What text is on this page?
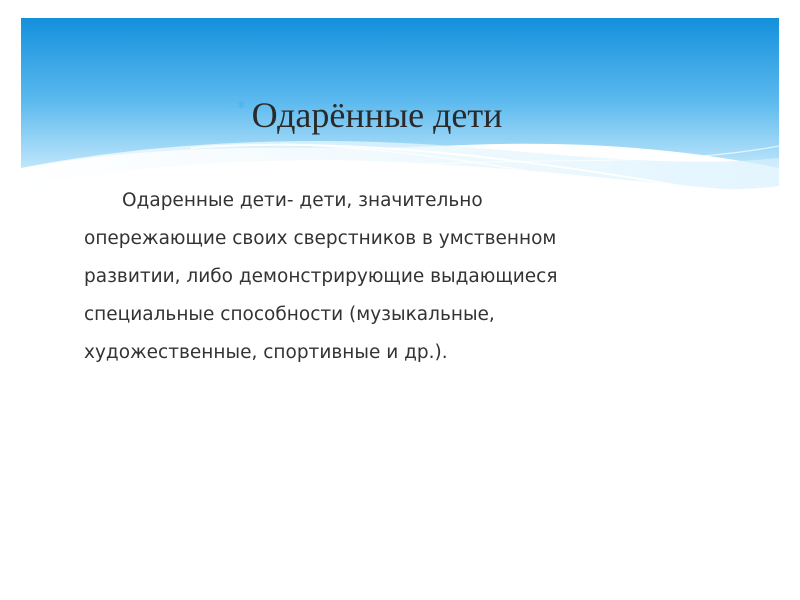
✶ Одарённые дети

Одаренные дети- дети, значительно
опережающие своих сверстников в умственном
развитии, либо демонстрирующие выдающиеся
специальные способности (музыкальные,
художественные, спортивные и др.).
